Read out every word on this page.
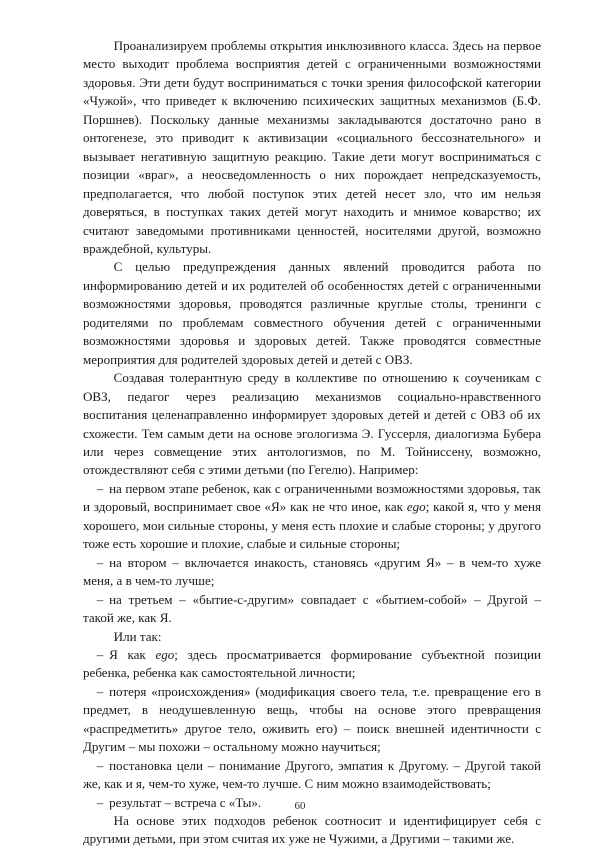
Проанализируем проблемы открытия инклюзивного класса. Здесь на первое место выходит проблема восприятия детей с ограниченными возможностями здоровья. Эти дети будут восприниматься с точки зрения философской категории «Чужой», что приведет к включению психических защитных механизмов (Б.Ф. Поршнев). Поскольку данные механизмы закладываются достаточно рано в онтогенезе, это приводит к активизации «социального бессознательного» и вызывает негативную защитную реакцию. Такие дети могут восприниматься с позиции «враг», а неосведомленность о них порождает непредсказуемость, предполагается, что любой поступок этих детей несет зло, что им нельзя доверяться, в поступках таких детей могут находить и мнимое коварство; их считают заведомыми противниками ценностей, носителями другой, возможно враждебной, культуры.

С целью предупреждения данных явлений проводится работа по информированию детей и их родителей об особенностях детей с ограниченными возможностями здоровья, проводятся различные круглые столы, тренинги с родителями по проблемам совместного обучения детей с ограниченными возможностями здоровья и здоровых детей. Также проводятся совместные мероприятия для родителей здоровых детей и детей с ОВЗ.

Создавая толерантную среду в коллективе по отношению к соученикам с ОВЗ, педагог через реализацию механизмов социально-нравственного воспитания целенаправленно информирует здоровых детей и детей с ОВЗ об их схожести. Тем самым дети на основе эгологизма Э. Гуссерля, диалогизма Бубера или через совмещение этих антологизмов, по М. Тойниссену, возможно, отождествляют себя с этими детьми (по Гегелю). Например:

– на первом этапе ребенок, как с ограниченными возможностями здоровья, так и здоровый, воспринимает свое «Я» как не что иное, как ego; какой я, что у меня хорошего, мои сильные стороны, у меня есть плохие и слабые стороны; у другого тоже есть хорошие и плохие, слабые и сильные стороны;

– на втором – включается инакость, становясь «другим Я» – в чем-то хуже меня, а в чем-то лучше;

– на третьем – «бытие-с-другим» совпадает с «бытием-собой» – Другой – такой же, как Я.

Или так:

– Я как ego; здесь просматривается формирование субъектной позиции ребенка, ребенка как самостоятельной личности;

– потеря «происхождения» (модификация своего тела, т.е. превращение его в предмет, в неодушевленную вещь, чтобы на основе этого превращения «распредметить» другое тело, оживить его) – поиск внешней идентичности с Другим – мы похожи – остальному можно научиться;

– постановка цели – понимание Другого, эмпатия к Другому. – Другой такой же, как и я, чем-то хуже, чем-то лучше. С ним можно взаимодействовать;

– результат – встреча с «Ты».

На основе этих подходов ребенок соотносит и идентифицирует себя с другими детьми, при этом считая их уже не Чужими, а Другими – такими же.

60
